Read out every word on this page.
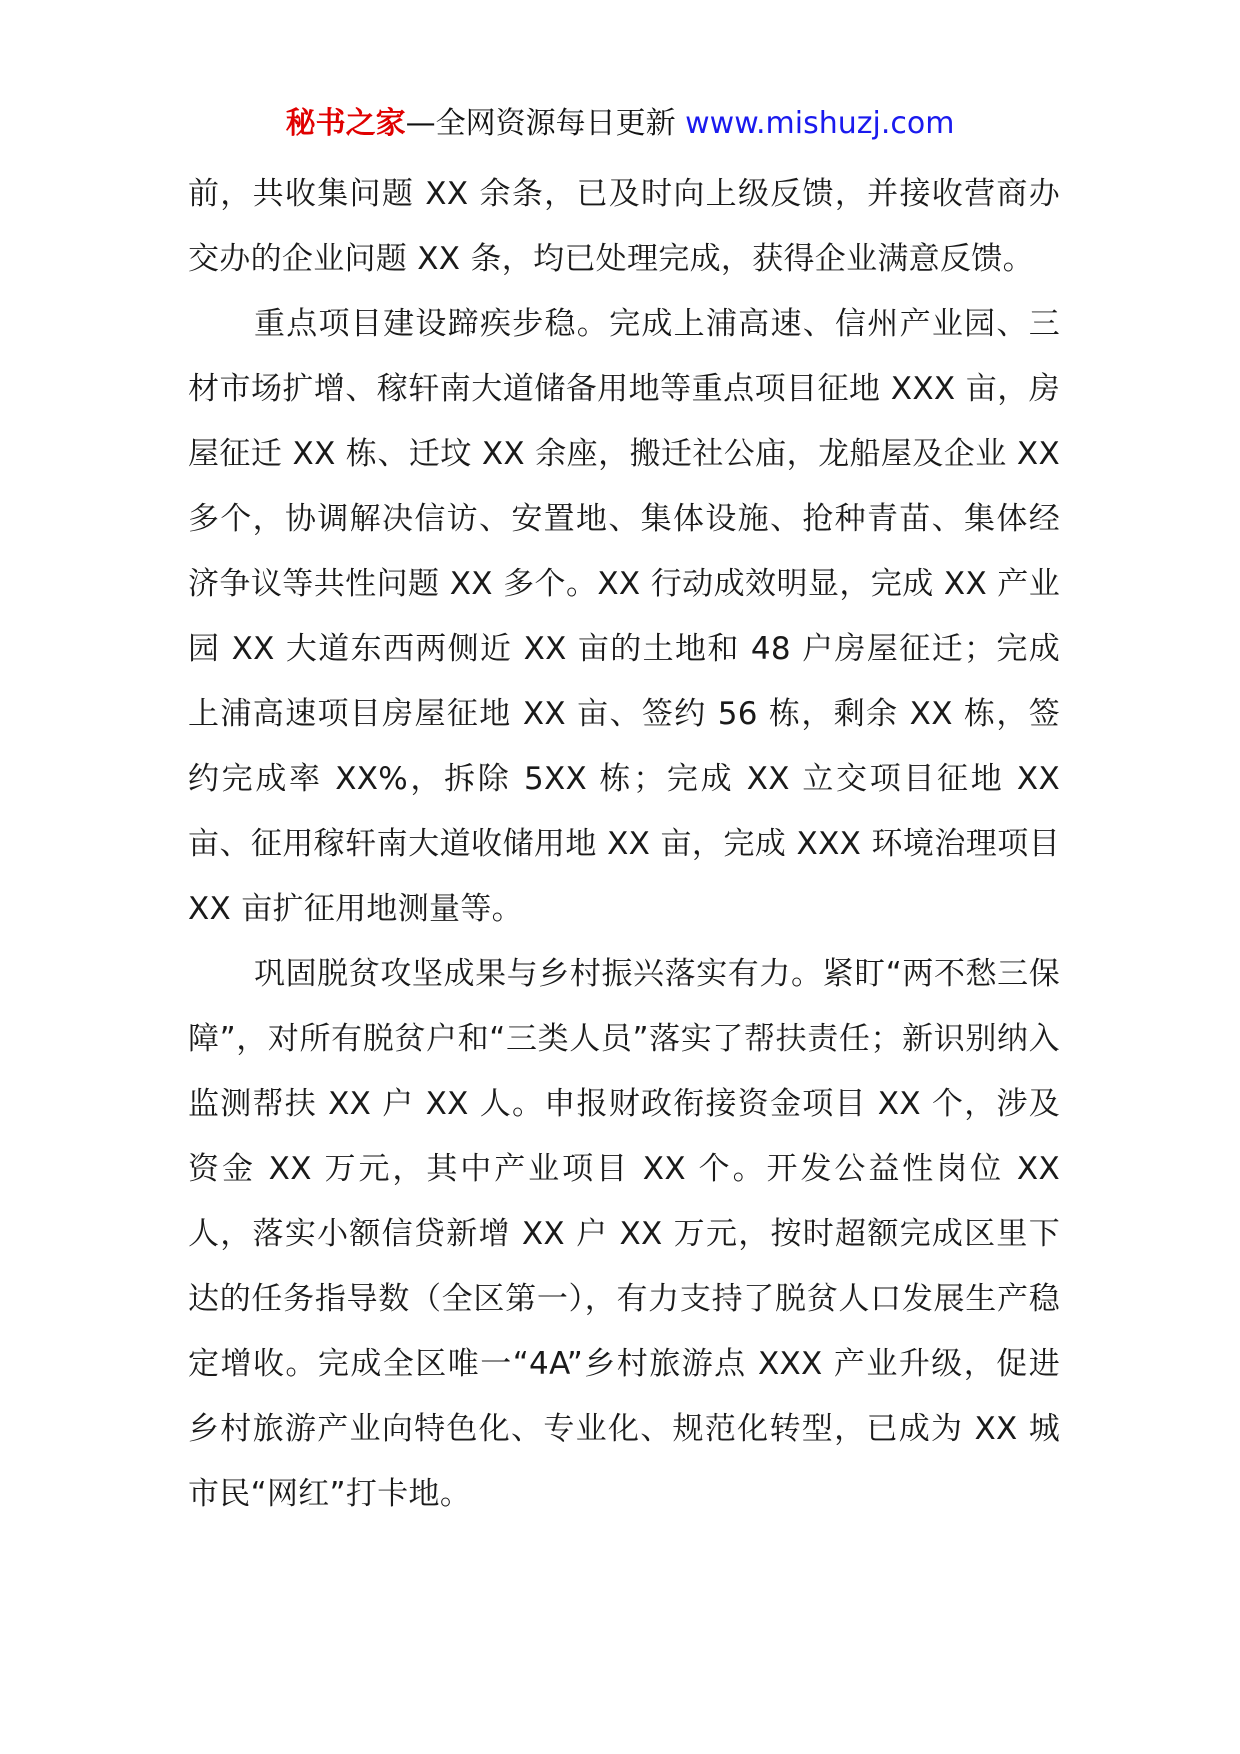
秘书之家—全网资源每日更新 www.mishuzj.com

前，共收集问题 XX 余条，已及时向上级反馈，并接收营商办交办的企业问题 XX 条，均已处理完成，获得企业满意反馈。

重点项目建设蹄疾步稳。完成上浦高速、信州产业园、三材市场扩增、稼轩南大道储备用地等重点项目征地 XXX 亩，房屋征迁 XX 栋、迁坟 XX 余座，搬迁社公庙，龙船屋及企业 XX 多个，协调解决信访、安置地、集体设施、抢种青苗、集体经济争议等共性问题 XX 多个。XX 行动成效明显，完成 XX 产业园 XX 大道东西两侧近 XX 亩的土地和 48 户房屋征迁；完成上浦高速项目房屋征地 XX 亩、签约 56 栋，剩余 XX 栋，签约完成率 XX%，拆除 5XX 栋；完成 XX 立交项目征地 XX 亩、征用稼轩南大道收储用地 XX 亩，完成 XXX 环境治理项目 XX 亩扩征用地测量等。

巩固脱贫攻坚成果与乡村振兴落实有力。紧盯“两不愁三保障”，对所有脱贫户和“三类人员”落实了帮扶责任；新识别纳入监测帮扶 XX 户 XX 人。申报财政衔接资金项目 XX 个，涉及资金 XX 万元，其中产业项目 XX 个。开发公益性岗位 XX 人，落实小额信贷新增 XX 户 XX 万元，按时超额完成区里下达的任务指导数（全区第一），有力支持了脱贫人口发展生产稳定增收。完成全区唯一“4A”乡村旅游点 XXX 产业升级，促进乡村旅游产业向特色化、专业化、规范化转型，已成为 XX 城市民“网红”打卡地。
